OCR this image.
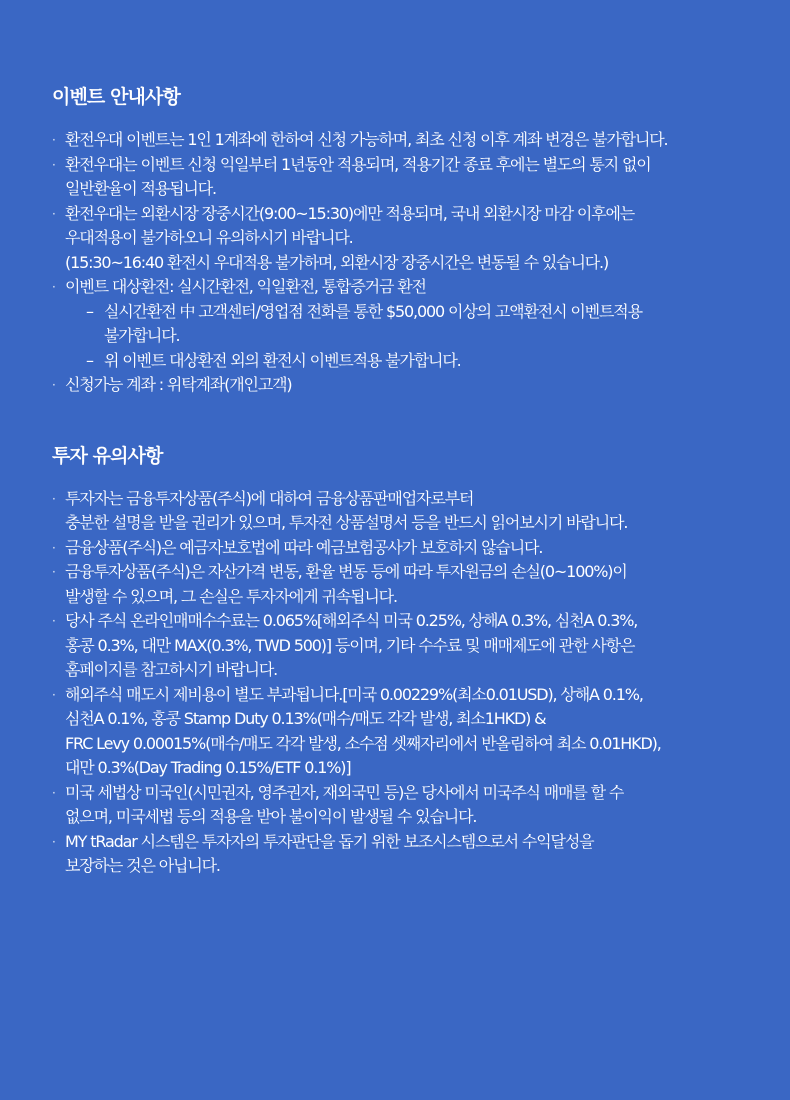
이벤트 안내사항
· 환전우대 이벤트는 1인 1계좌에 한하여 신청 가능하며, 최초 신청 이후 계좌 변경은 불가합니다.
· 환전우대는 이벤트 신청 익일부터 1년동안 적용되며, 적용기간 종료 후에는 별도의 통지 없이
일반환율이 적용됩니다.
· 환전우대는 외환시장 장중시간(9:00~15:30)에만 적용되며, 국내 외환시장 마감 이후에는
우대적용이 불가하오니 유의하시기 바랍니다.
(15:30~16:40 환전시 우대적용 불가하며, 외환시장 장중시간은 변동될 수 있습니다.)
· 이벤트 대상환전: 실시간환전, 익일환전, 통합증거금 환전
– 실시간환전 中 고객센터/영업점 전화를 통한 $50,000 이상의 고액환전시 이벤트적용
불가합니다.
– 위 이벤트 대상환전 외의 환전시 이벤트적용 불가합니다.
· 신청가능 계좌 : 위탁계좌(개인고객)
투자 유의사항
· 투자자는 금융투자상품(주식)에 대하여 금융상품판매업자로부터
충분한 설명을 받을 권리가 있으며, 투자전 상품설명서 등을 반드시 읽어보시기 바랍니다.
· 금융상품(주식)은 예금자보호법에 따라 예금보험공사가 보호하지 않습니다.
· 금융투자상품(주식)은 자산가격 변동, 환율 변동 등에 따라 투자원금의 손실(0~100%)이
발생할 수 있으며, 그 손실은 투자자에게 귀속됩니다.
· 당사 주식 온라인매매수수료는 0.065%[해외주식 미국 0.25%, 상해A 0.3%, 심천A 0.3%,
홍콩 0.3%, 대만 MAX(0.3%, TWD 500)] 등이며, 기타 수수료 및 매매제도에 관한 사항은
홈페이지를 참고하시기 바랍니다.
· 해외주식 매도시 제비용이 별도 부과됩니다.[미국 0.00229%(최소0.01USD), 상해A 0.1%,
심천A 0.1%, 홍콩 Stamp Duty 0.13%(매수/매도 각각 발생, 최소1HKD) &
FRC Levy 0.00015%(매수/매도 각각 발생, 소수점 셋째자리에서 반올림하여 최소 0.01HKD),
대만 0.3%(Day Trading 0.15%/ETF 0.1%)]
· 미국 세법상 미국인(시민권자, 영주권자, 재외국민 등)은 당사에서 미국주식 매매를 할 수
없으며, 미국세법 등의 적용을 받아 불이익이 발생될 수 있습니다.
· MY tRadar 시스템은 투자자의 투자판단을 돕기 위한 보조시스템으로서 수익달성을
보장하는 것은 아닙니다.
